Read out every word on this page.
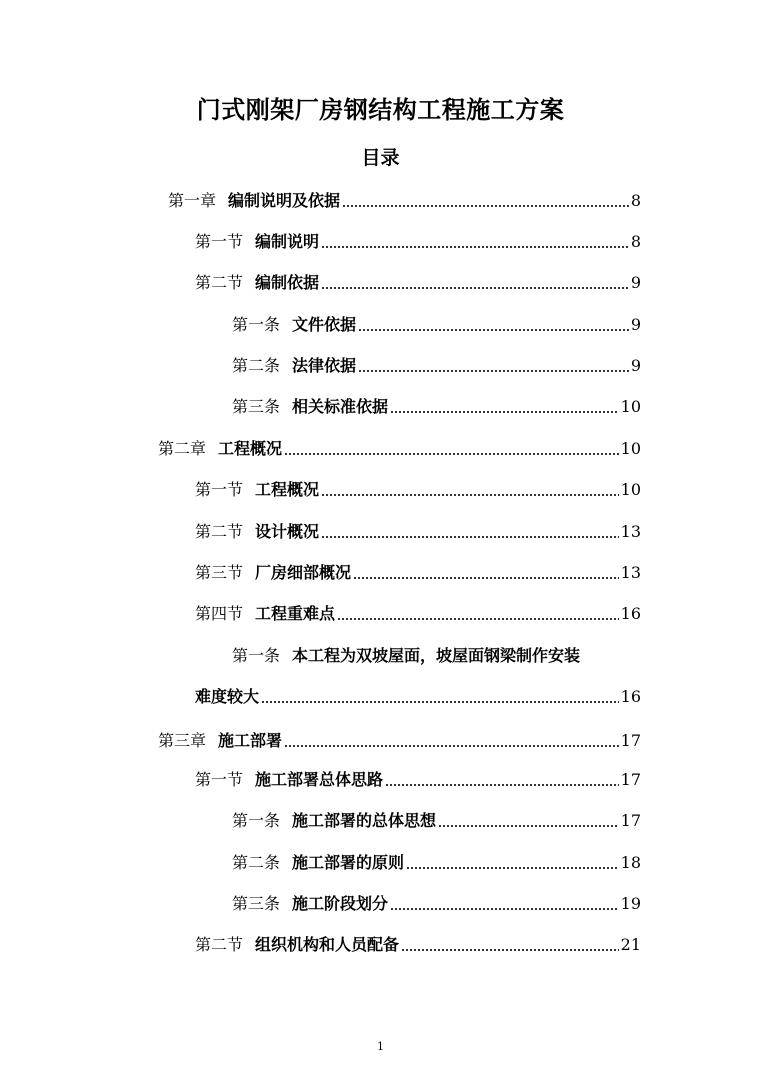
门式刚架厂房钢结构工程施工方案
目录
第一章 编制说明及依据	8
第一节 编制说明	8
第二节 编制依据	9
第一条 文件依据	9
第二条 法律依据	9
第三条 相关标准依据	10
第二章 工程概况	10
第一节 工程概况	10
第二节 设计概况	13
第三节 厂房细部概况	13
第四节 工程重难点	16
第一条 本工程为双坡屋面，坡屋面钢梁制作安装
难度较大	16
第三章 施工部署	17
第一节 施工部署总体思路	17
第一条 施工部署的总体思想	17
第二条 施工部署的原则	18
第三条 施工阶段划分	19
第二节 组织机构和人员配备	21
1
